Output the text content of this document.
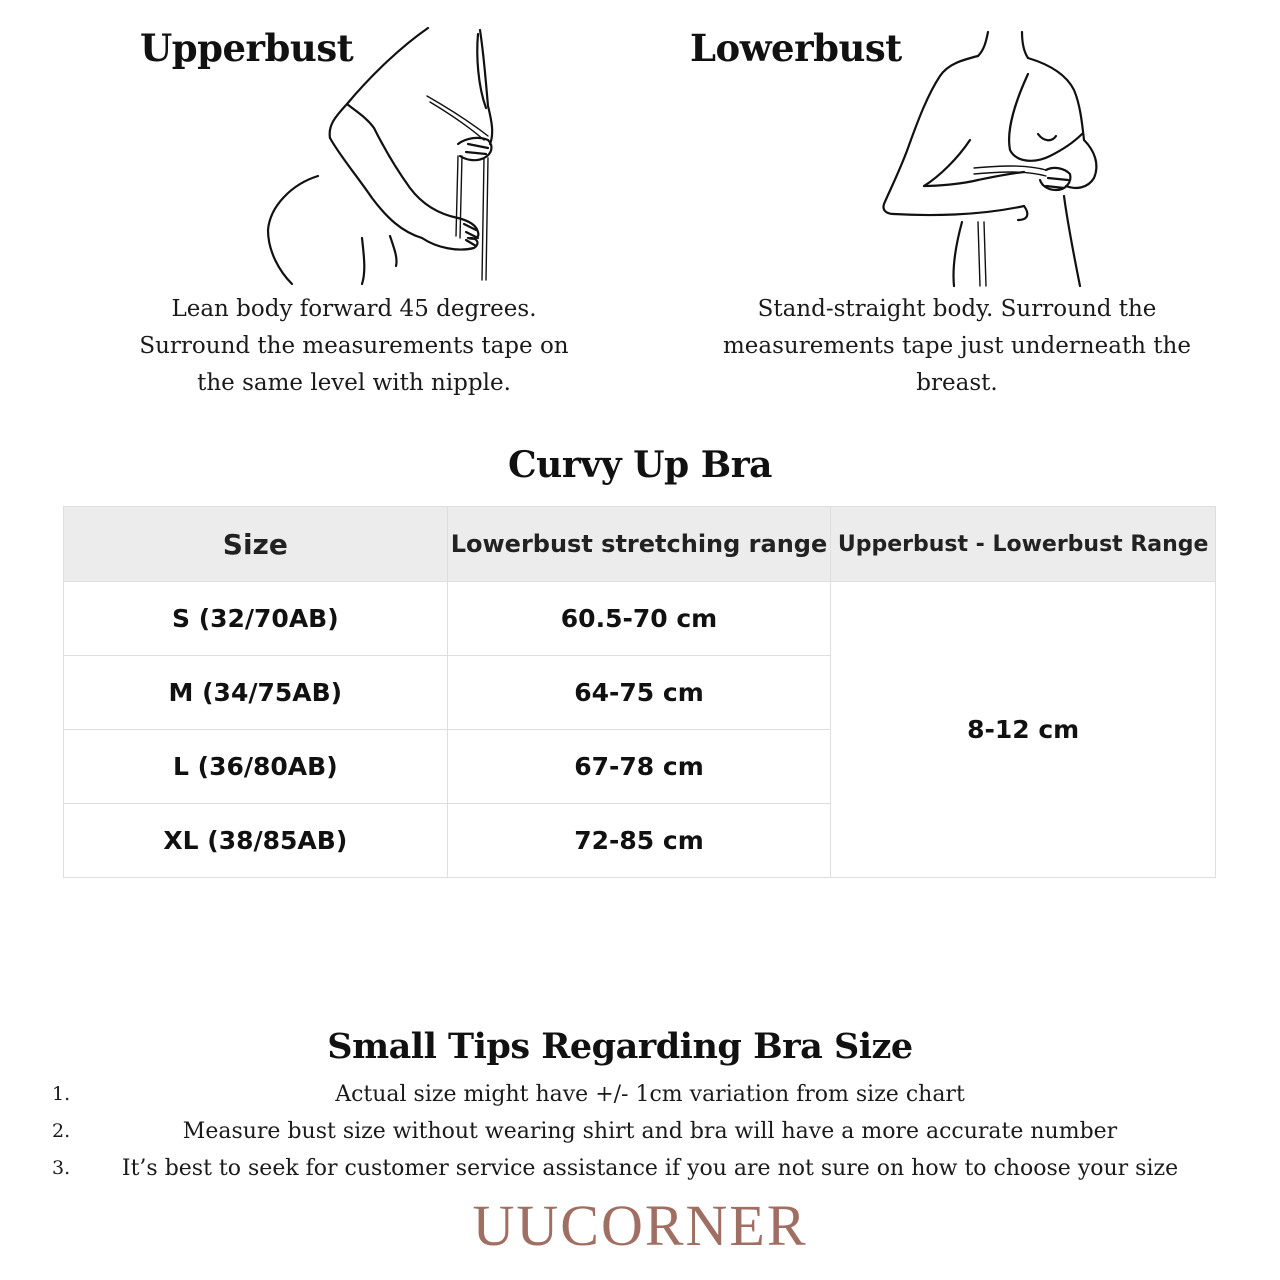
Upperbust
Lean body forward 45 degrees.
Surround the measurements tape on
the same level with nipple.
Lowerbust
Stand-straight body. Surround the
measurements tape just underneath the
breast.
Curvy Up Bra
Size	Lowerbust stretching range	Upperbust - Lowerbust Range
S (32/70AB)	60.5-70 cm	8-12 cm
M (34/75AB)	64-75 cm	
L (36/80AB)	67-78 cm	
XL (38/85AB)	72-85 cm	
Small Tips Regarding Bra Size
1.	Actual size might have +/- 1cm variation from size chart
2.	Measure bust size without wearing shirt and bra will have a more accurate number
3.	It’s best to seek for customer service assistance if you are not sure on how to choose your size
UUCORNER
